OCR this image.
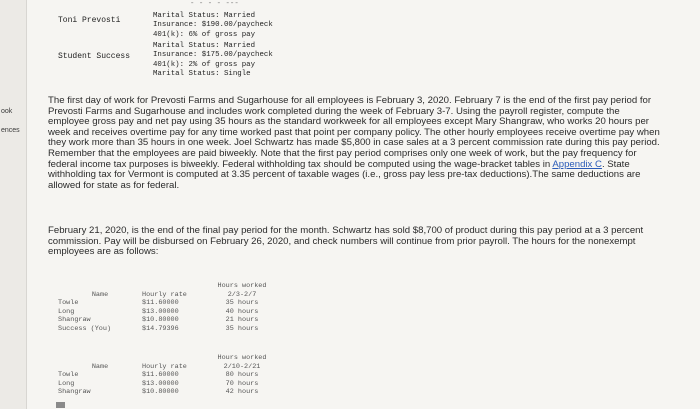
ook
ences
- - - - ---
Toni Prevosti	Marital Status: Married
Insurance: $190.00/paycheck
401(k): 6% of gross pay
Student Success
Marital Status: Married
Insurance: $175.00/paycheck
401(k): 2% of gross pay
Marital Status: Single

The first day of work for Prevosti Farms and Sugarhouse for all employees is February 3, 2020. February 7 is the end of the first pay period for Prevosti Farms and Sugarhouse and includes work completed during the week of February 3-7. Using the payroll register, compute the employee gross pay and net pay using 35 hours as the standard workweek for all employees except Mary Shangraw, who works 20 hours per week and receives overtime pay for any time worked past that point per company policy. The other hourly employees receive overtime pay when they work more than 35 hours in one week. Joel Schwartz has made $5,800 in case sales at a 3 percent commission rate during this pay period. Remember that the employees are paid biweekly. Note that the first pay period comprises only one week of work, but the pay frequency for federal income tax purposes is biweekly. Federal withholding tax should be computed using the wage-bracket tables in Appendix C. State withholding tax for Vermont is computed at 3.35 percent of taxable wages (i.e., gross pay less pre-tax deductions).The same deductions are allowed for state as for federal.

February 21, 2020, is the end of the final pay period for the month. Schwartz has sold $8,700 of product during this pay period at a 3 percent commission. Pay will be disbursed on February 26, 2020, and check numbers will continue from prior payroll. The hours for the nonexempt employees are as follows:

		Hours worked
Name	Hourly rate	2/3-2/7
Towle	$11.60000	35 hours
Long	$13.00000	40 hours
Shangraw	$10.80000	21 hours
Success (You)	$14.79396	35 hours
		Hours worked
Name	Hourly rate	2/10-2/21
Towle	$11.60000	80 hours
Long	$13.00000	70 hours
Shangraw	$10.80000	42 hours
